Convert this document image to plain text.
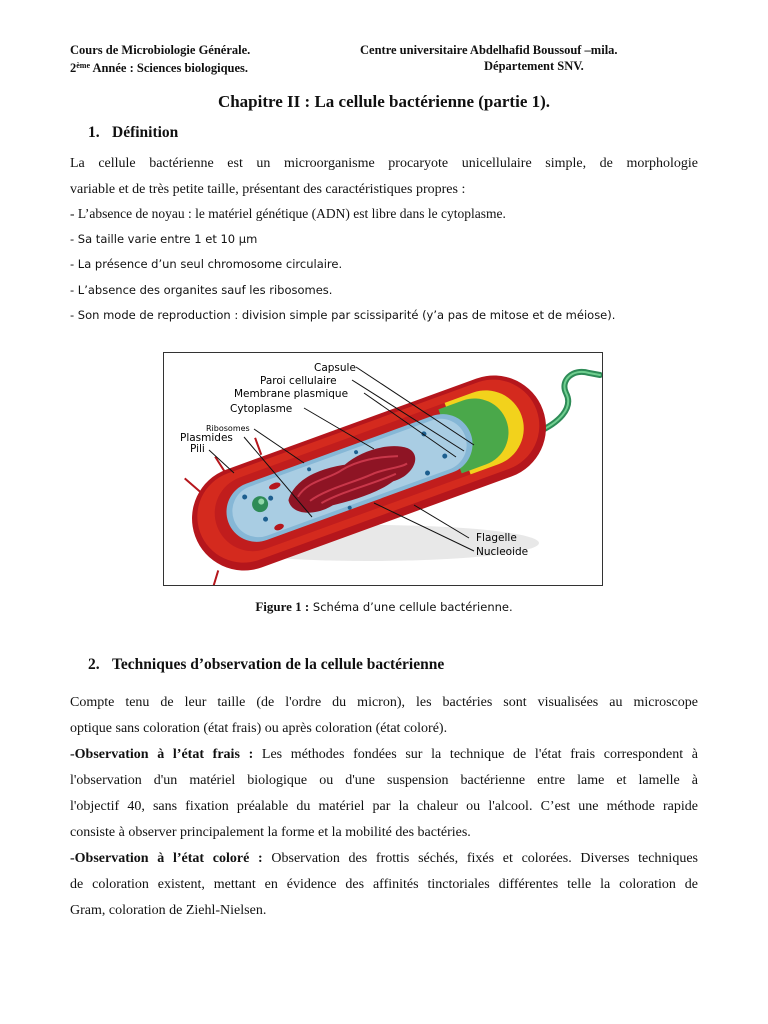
Cours de Microbiologie Générale.
2ème Année : Sciences biologiques.
Centre universitaire Abdelhafid Boussouf –mila.
Département SNV.
Chapitre II : La cellule bactérienne (partie 1).
1. Définition
La cellule bactérienne est un microorganisme procaryote unicellulaire simple, de morphologie
variable et de très petite taille, présentant des caractéristiques propres :
- L’absence de noyau : le matériel génétique (ADN) est libre dans le cytoplasme.
- Sa taille varie entre 1 et 10 µm
- La présence d’un seul chromosome circulaire.
- L’absence des organites sauf les ribosomes.
- Son mode de reproduction : division simple par scissiparité (y’a pas de mitose et de méiose).
Capsule
Paroi cellulaire
Membrane plasmique
Cytoplasme
Ribosomes
Plasmides
Pili
Flagelle
Nucleoide
Figure 1 : Schéma d’une cellule bactérienne.
2. Techniques d’observation de la cellule bactérienne
Compte tenu de leur taille (de l'ordre du micron), les bactéries sont visualisées au microscope
optique sans coloration (état frais) ou après coloration (état coloré).
-Observation à l’état frais : Les méthodes fondées sur la technique de l'état frais correspondent à
l'observation d'un matériel biologique ou d'une suspension bactérienne entre lame et lamelle à
l'objectif 40, sans fixation préalable du matériel par la chaleur ou l'alcool. C’est une méthode rapide
consiste à observer principalement la forme et la mobilité des bactéries.
-Observation à l’état coloré : Observation des frottis séchés, fixés et colorées. Diverses techniques
de coloration existent, mettant en évidence des affinités tinctoriales différentes telle la coloration de
Gram, coloration de Ziehl-Nielsen.
